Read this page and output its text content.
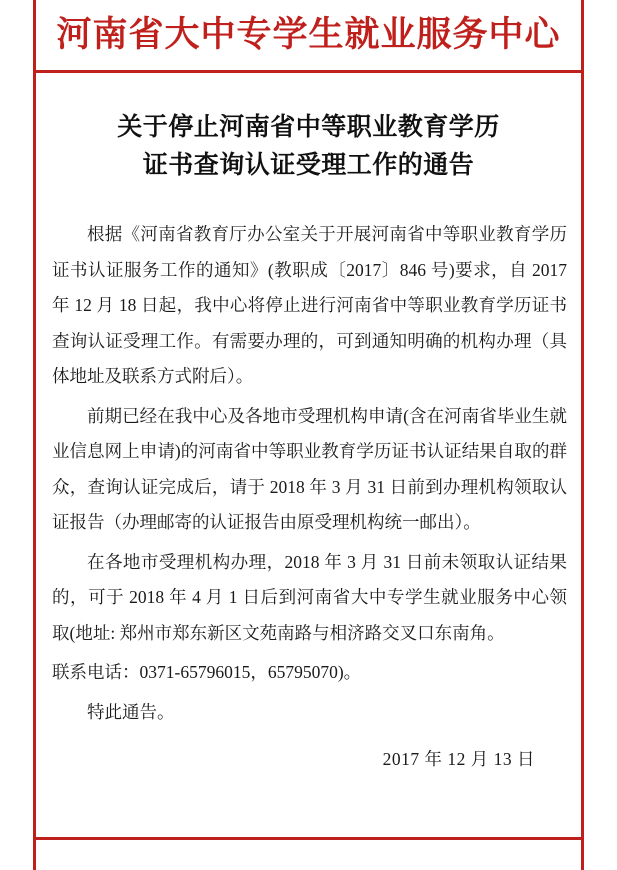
河南省大中专学生就业服务中心
关于停止河南省中等职业教育学历
证书查询认证受理工作的通告

根据《河南省教育厅办公室关于开展河南省中等职业教育学历证书认证服务工作的通知》(教职成〔2017〕846 号)要求，自 2017 年 12 月 18 日起，我中心将停止进行河南省中等职业教育学历证书查询认证受理工作。有需要办理的，可到通知明确的机构办理（具体地址及联系方式附后）。

前期已经在我中心及各地市受理机构申请(含在河南省毕业生就业信息网上申请)的河南省中等职业教育学历证书认证结果自取的群众，查询认证完成后，请于 2018 年 3 月 31 日前到办理机构领取认证报告（办理邮寄的认证报告由原受理机构统一邮出）。

在各地市受理机构办理，2018 年 3 月 31 日前未领取认证结果的，可于 2018 年 4 月 1 日后到河南省大中专学生就业服务中心领取(地址: 郑州市郑东新区文苑南路与相济路交叉口东南角。

联系电话：0371-65796015，65795070)。

特此通告。

2017 年 12 月 13 日
